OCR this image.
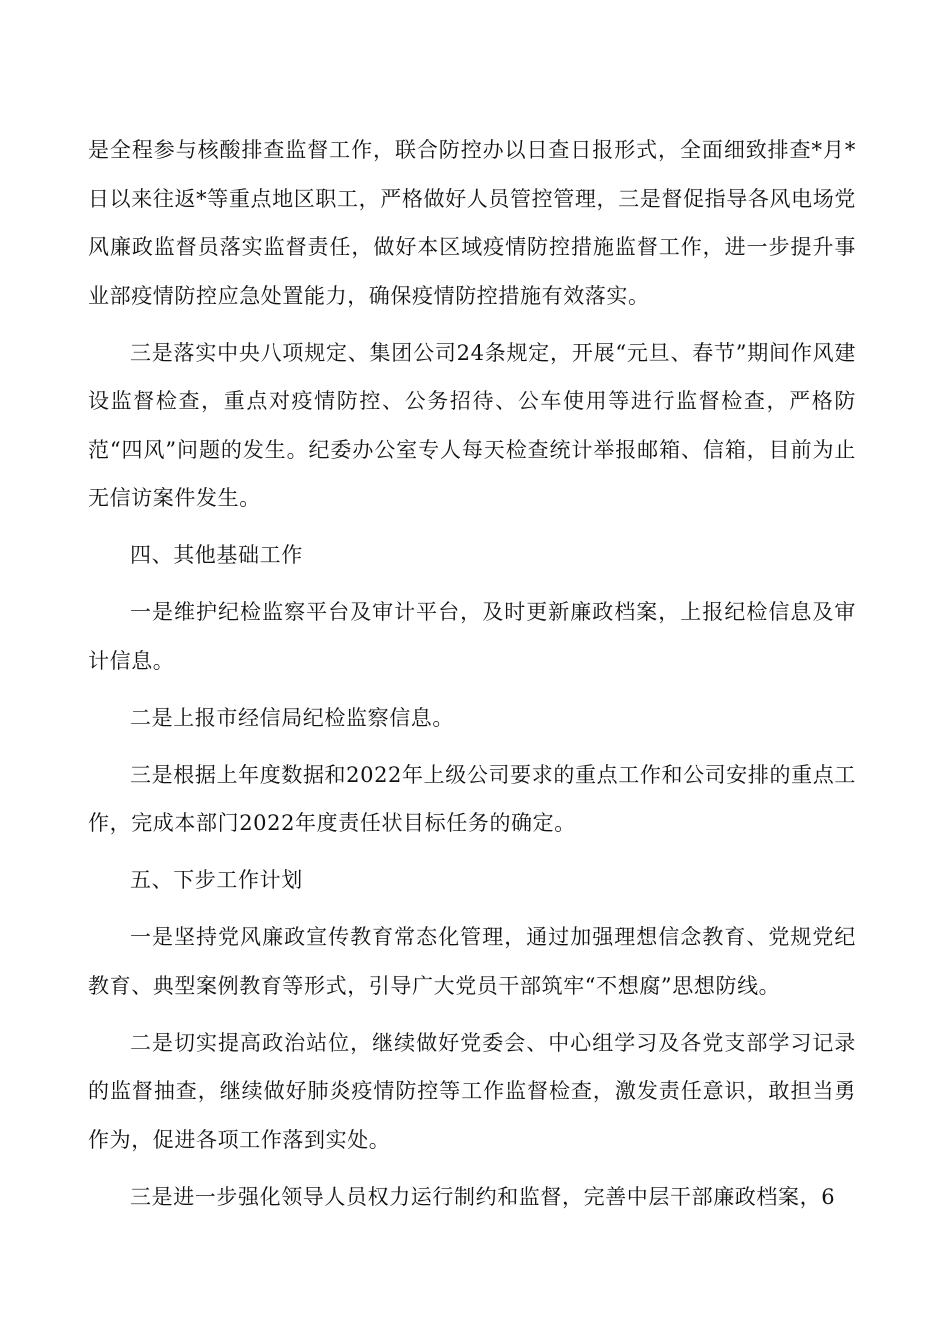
是全程参与核酸排查监督工作，联合防控办以日查日报形式，全面细致排查*月*日以来往返*等重点地区职工，严格做好人员管控管理，三是督促指导各风电场党风廉政监督员落实监督责任，做好本区域疫情防控措施监督工作，进一步提升事业部疫情防控应急处置能力，确保疫情防控措施有效落实。

三是落实中央八项规定、集团公司24条规定，开展“元旦、春节”期间作风建设监督检查，重点对疫情防控、公务招待、公车使用等进行监督检查，严格防范“四风”问题的发生。纪委办公室专人每天检查统计举报邮箱、信箱，目前为止无信访案件发生。

四、其他基础工作

一是维护纪检监察平台及审计平台，及时更新廉政档案，上报纪检信息及审计信息。

二是上报市经信局纪检监察信息。

三是根据上年度数据和2022年上级公司要求的重点工作和公司安排的重点工作，完成本部门2022年度责任状目标任务的确定。

五、下步工作计划

一是坚持党风廉政宣传教育常态化管理，通过加强理想信念教育、党规党纪教育、典型案例教育等形式，引导广大党员干部筑牢“不想腐”思想防线。

二是切实提高政治站位，继续做好党委会、中心组学习及各党支部学习记录的监督抽查，继续做好肺炎疫情防控等工作监督检查，激发责任意识，敢担当勇作为，促进各项工作落到实处。

三是进一步强化领导人员权力运行制约和监督，完善中层干部廉政档案，6
